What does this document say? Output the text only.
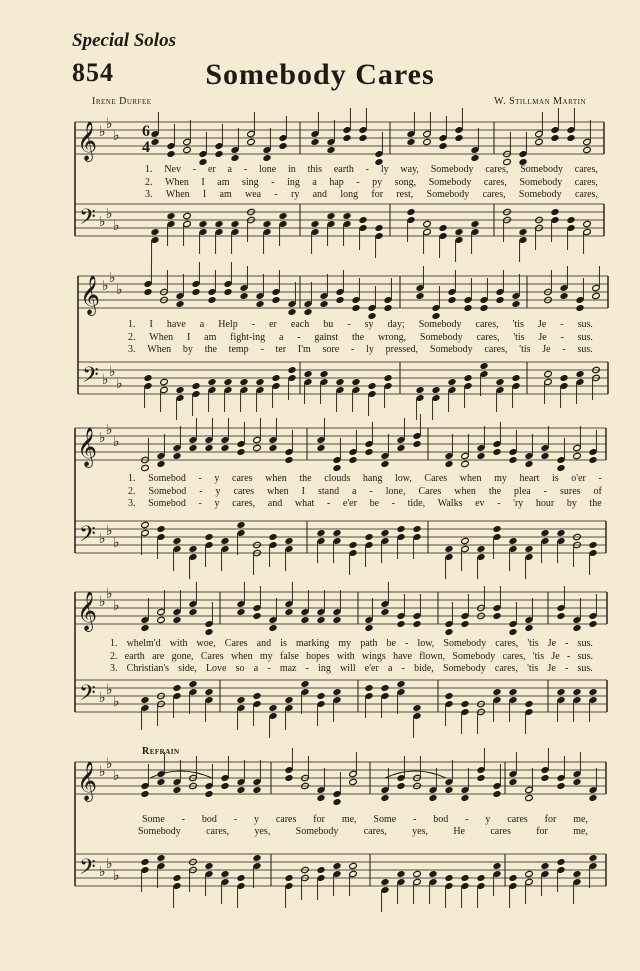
𝄞
𝄢
♭ ♭
♭
♭ ♭
♭
6
4
𝄞
𝄢
♭ ♭
♭
♭ ♭
♭
𝄞
𝄢
♭ ♭
♭
♭ ♭
♭
𝄞
𝄢
♭ ♭
♭
♭ ♭
♭
𝄞
𝄢
♭ ♭
♭
♭ ♭
♭
Special Solos
854	Somebody Cares
Irene Durfee	W. Stillman Martin
Refrain
1. Nev - er a - lone in this earth - ly way, Somebody cares, Somebody cares,
2. When I am sing - ing a hap - py song, Somebody cares, Somebody cares,
3. When I am wea - ry and long for rest, Somebody cares, Somebody cares,
1. I have a Help - er each bu - sy day; Somebody cares, 'tis Je - sus.
2. When I am fight-ing a - gainst the wrong, Somebody cares, 'tis Je - sus.
3. When by the temp - ter I'm sore - ly pressed, Somebody cares, 'tis Je - sus.
1. Somebod - y cares when the clouds hang low, Cares when my heart is o'er -
2. Somebod - y cares when I stand a - lone, Cares when the plea - sures of
3. Somebod - y cares, and what - e'er be - tide, Walks ev - 'ry hour by the
1. whelm'd with woe, Cares and is marking my path be - low, Somebody cares, 'tis Je - sus.
2. earth are gone, Cares when my false hopes with wings have flown, Somebody cares, 'tis Je - sus.
3. Christian's side, Love so a - maz - ing will e'er a - bide, Somebody cares, 'tis Je - sus.
Some - bod - y cares for me, Some - bod - y cares for me,
Somebody	cares,	yes,	Somebody	cares,	yes,	He	cares	for	me,
